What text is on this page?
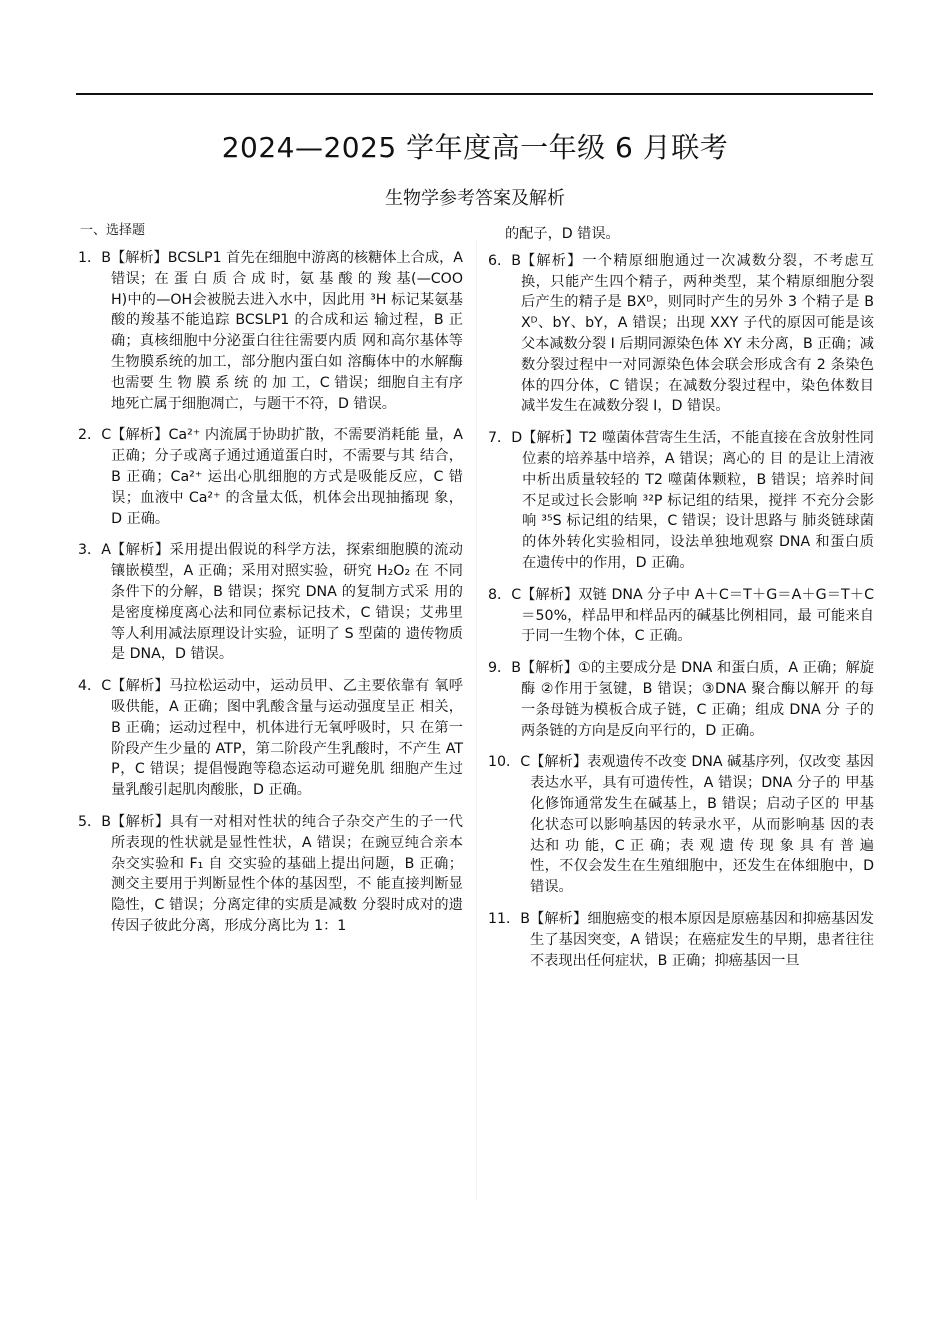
2024—2025 学年度高一年级 6 月联考
生物学参考答案及解析
一、选择题
1．B 【解析】BCSLP1 首先在细胞中游离的核糖体上合成，A 错误；在 蛋 白 质 合 成 时，氨 基 酸 的 羧 基(—COOH)中的—OH会被脱去进入水中，因此用 ³H 标记某氨基酸的羧基不能追踪 BCSLP1 的合成和运 输过程，B 正确；真核细胞中分泌蛋白往往需要内质 网和高尔基体等生物膜系统的加工，部分胞内蛋白如 溶酶体中的水解酶也需要 生 物 膜 系 统 的 加 工，C 错误；细胞自主有序地死亡属于细胞凋亡，与题干不符，D 错误。
2．C 【解析】Ca²⁺ 内流属于协助扩散，不需要消耗能 量，A 正确；分子或离子通过通道蛋白时，不需要与其 结合，B 正确；Ca²⁺ 运出心肌细胞的方式是吸能反应，C 错误；血液中 Ca²⁺ 的含量太低，机体会出现抽搐现 象，D 正确。
3．A 【解析】采用提出假说的科学方法，探索细胞膜的流动镶嵌模型，A 正确；采用对照实验，研究 H₂O₂ 在 不同条件下的分解，B 错误；探究 DNA 的复制方式采 用的是密度梯度离心法和同位素标记技术，C 错误；艾弗里等人利用减法原理设计实验，证明了 S 型菌的 遗传物质是 DNA，D 错误。
4．C 【解析】马拉松运动中，运动员甲、乙主要依靠有 氧呼吸供能，A 正确；图中乳酸含量与运动强度呈正 相关，B 正确；运动过程中，机体进行无氧呼吸时，只 在第一阶段产生少量的 ATP，第二阶段产生乳酸时，不产生 ATP，C 错误；提倡慢跑等稳态运动可避免肌 细胞产生过量乳酸引起肌肉酸胀，D 正确。
5．B 【解析】具有一对相对性状的纯合子杂交产生的子一代所表现的性状就是显性性状，A 错误；在豌豆纯合亲本杂交实验和 F₁ 自 交实验的基础上提出问题，B 正确；测交主要用于判断显性个体的基因型，不 能直接判断显隐性，C 错误；分离定律的实质是减数 分裂时成对的遗传因子彼此分离，形成分离比为 1：1
的配子，D 错误。
6．B 【解析】一个精原细胞通过一次减数分裂，不考虑互换，只能产生四个精子，两种类型，某个精原细胞分裂后产生的精子是 BXᴰ，则同时产生的另外 3 个精子是 BXᴰ、bY、bY，A 错误；出现 XXY 子代的原因可能是该父本减数分裂 Ⅰ 后期同源染色体 XY 未分离，B 正确；减数分裂过程中一对同源染色体会联会形成含有 2 条染色体的四分体，C 错误；在减数分裂过程中，染色体数目减半发生在减数分裂 Ⅰ，D 错误。
7．D 【解析】T2 噬菌体营寄生生活，不能直接在含放射性同位素的培养基中培养，A 错误；离心的 目 的是让上清液中析出质量较轻的 T2 噬菌体颗粒，B 错误；培养时间不足或过长会影响 ³²P 标记组的结果，搅拌 不充分会影响 ³⁵S 标记组的结果，C 错误；设计思路与 肺炎链球菌的体外转化实验相同，设法单独地观察 DNA 和蛋白质在遗传中的作用，D 正确。
8．C 【解析】双链 DNA 分子中 A＋C＝T＋G＝A＋G＝T＋C＝50%，样品甲和样品丙的碱基比例相同，最 可能来自于同一生物个体，C 正确。
9．B 【解析】①的主要成分是 DNA 和蛋白质，A 正确；解旋酶 ②作用于氢键，B 错误；③DNA 聚合酶以解开 的每一条母链为模板合成子链，C 正确；组成 DNA 分 子的两条链的方向是反向平行的，D 正确。
10．C 【解析】表观遗传不改变 DNA 碱基序列，仅改变 基因表达水平，具有可遗传性，A 错误；DNA 分子的 甲基化修饰通常发生在碱基上，B 错误；启动子区的 甲基化状态可以影响基因的转录水平，从而影响基 因的表达和 功 能，C 正 确；表 观 遗 传 现 象 具 有 普 遍 性，不仅会发生在生殖细胞中，还发生在体细胞中，D 错误。
11．B 【解析】细胞癌变的根本原因是原癌基因和抑癌基因发生了基因突变，A 错误；在癌症发生的早期，患者往往不表现出任何症状，B 正确；抑癌基因一旦
